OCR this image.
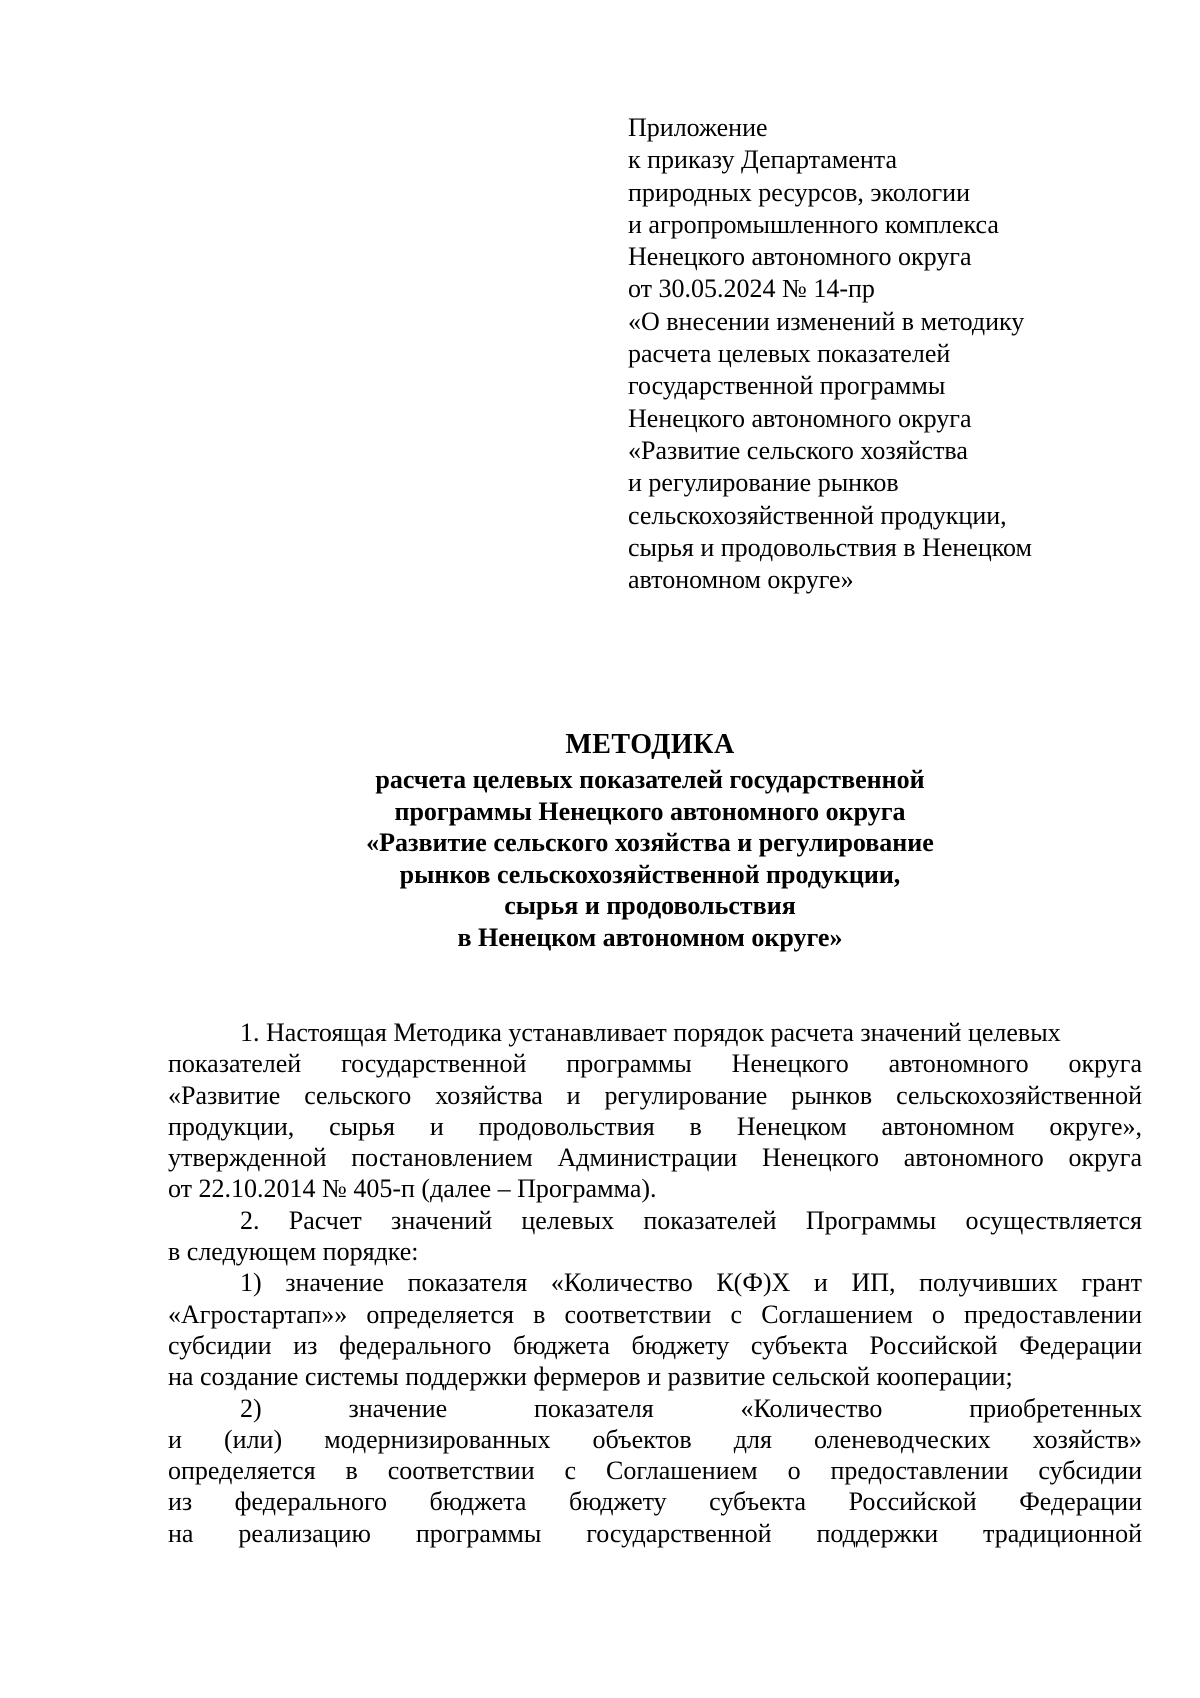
Приложение
к приказу Департамента
природных ресурсов, экологии
и агропромышленного комплекса
Ненецкого автономного округа
от 30.05.2024 № 14-пр
«О внесении изменений в методику
расчета целевых показателей
государственной программы
Ненецкого автономного округа
«Развитие сельского хозяйства
и регулирование рынков
сельскохозяйственной продукции,
сырья и продовольствия в Ненецком
автономном округе»
МЕТОДИКА
расчета целевых показателей государственной
программы Ненецкого автономного округа
«Развитие сельского хозяйства и регулирование
рынков сельскохозяйственной продукции,
сырья и продовольствия
в Ненецком автономном округе»
1. Настоящая Методика устанавливает порядок расчета значений целевых
показателей государственной программы Ненецкого автономного округа
«Развитие сельского хозяйства и регулирование рынков сельскохозяйственной
продукции, сырья и продовольствия в Ненецком автономном округе»,
утвержденной постановлением Администрации Ненецкого автономного округа
от 22.10.2014 № 405-п (далее – Программа).
2. Расчет значений целевых показателей Программы осуществляется
в следующем порядке:
1) значение показателя «Количество К(Ф)Х и ИП, получивших грант
«Агростартап»» определяется в соответствии с Соглашением о предоставлении
субсидии из федерального бюджета бюджету субъекта Российской Федерации
на создание системы поддержки фермеров и развитие сельской кооперации;
2) значение показателя «Количество приобретенных
и (или) модернизированных объектов для оленеводческих хозяйств»
определяется в соответствии с Соглашением о предоставлении субсидии
из федерального бюджета бюджету субъекта Российской Федерации
на реализацию программы государственной поддержки традиционной
